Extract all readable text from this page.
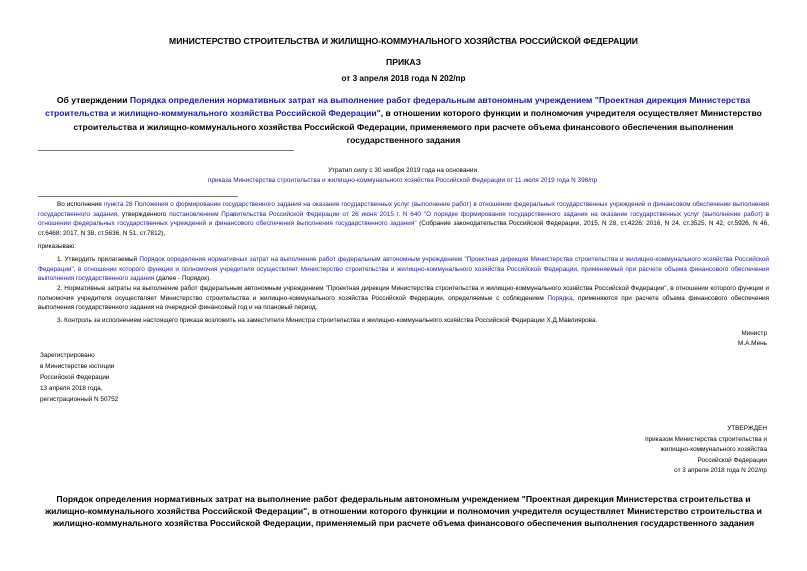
МИНИСТЕРСТВО СТРОИТЕЛЬСТВА И ЖИЛИЩНО-КОММУНАЛЬНОГО ХОЗЯЙСТВА РОССИЙСКОЙ ФЕДЕРАЦИИ
ПРИКАЗ
от 3 апреля 2018 года N 202/пр
Об утверждении Порядка определения нормативных затрат на выполнение работ федеральным автономным учреждением "Проектная дирекция Министерства строительства и жилищно-коммунального хозяйства Российской Федерации", в отношении которого функции и полномочия учредителя осуществляет Министерство строительства и жилищно-коммунального хозяйства Российской Федерации, применяемого при расчете объема финансового обеспечения выполнения государственного задания
Утратил силу с 30 ноября 2019 года на основании
приказа Министерства строительства и жилищно-коммунального хозяйства Российской Федерации от 11 июля 2019 года N 396/пр
Во исполнение пункта 28 Положения о формировании государственного задания на оказание государственных услуг (выполнение работ) в отношении федеральных государственных учреждений и финансовом обеспечении выполнения государственного задания, утвержденного постановлением Правительства Российской Федерации от 26 июня 2015 г. N 640 "О порядке формирования государственного задания на оказание государственных услуг (выполнение работ) в отношении федеральных государственных учреждений и финансового обеспечения выполнения государственного задания" (Собрание законодательства Российской Федерации, 2015, N 28, ст.4226; 2016, N 24, ст.3525, N 42, ст.5926, N 46, ст.6468; 2017, N 38, ст.5636, N 51, ст.7812),
приказываю:
1. Утвердить прилагаемый Порядок определения нормативных затрат на выполнение работ федеральным автономным учреждением "Проектная дирекция Министерства строительства и жилищно-коммунального хозяйства Российской Федерации", в отношении которого функции и полномочия учредителя осуществляет Министерство строительства и жилищно-коммунального хозяйства Российской Федерации, применяемый при расчете объема финансового обеспечения выполнения государственного задания (далее - Порядок).
2. Нормативные затраты на выполнение работ федеральным автономным учреждением "Проектная дирекция Министерства строительства и жилищно-коммунального хозяйства Российской Федерации", в отношении которого функции и полномочия учредителя осуществляет Министерство строительства и жилищно-коммунального хозяйства Российской Федерации, определяемые с соблюдением Порядка, применяются при расчете объема финансового обеспечения выполнения государственного задания на очередной финансовый год и на плановый период.
3. Контроль за исполнением настоящего приказа возложить на заместителя Министра строительства и жилищно-коммунального хозяйства Российской Федерации Х.Д.Мавлиярова.
Министр
М.А.Мень
Зарегистрировано
в Министерстве юстиции
Российской Федерации
13 апреля 2018 года,
регистрационный N 50752
УТВЕРЖДЕН
приказом Министерства строительства и
жилищно-коммунального хозяйства
Российской Федерации
от 3 апреля 2018 года N 202/пр
Порядок определения нормативных затрат на выполнение работ федеральным автономным учреждением "Проектная дирекция Министерства строительства и жилищно-коммунального хозяйства Российской Федерации", в отношении которого функции и полномочия учредителя осуществляет Министерство строительства и жилищно-коммунального хозяйства Российской Федерации, применяемый при расчете объема финансового обеспечения выполнения государственного задания
